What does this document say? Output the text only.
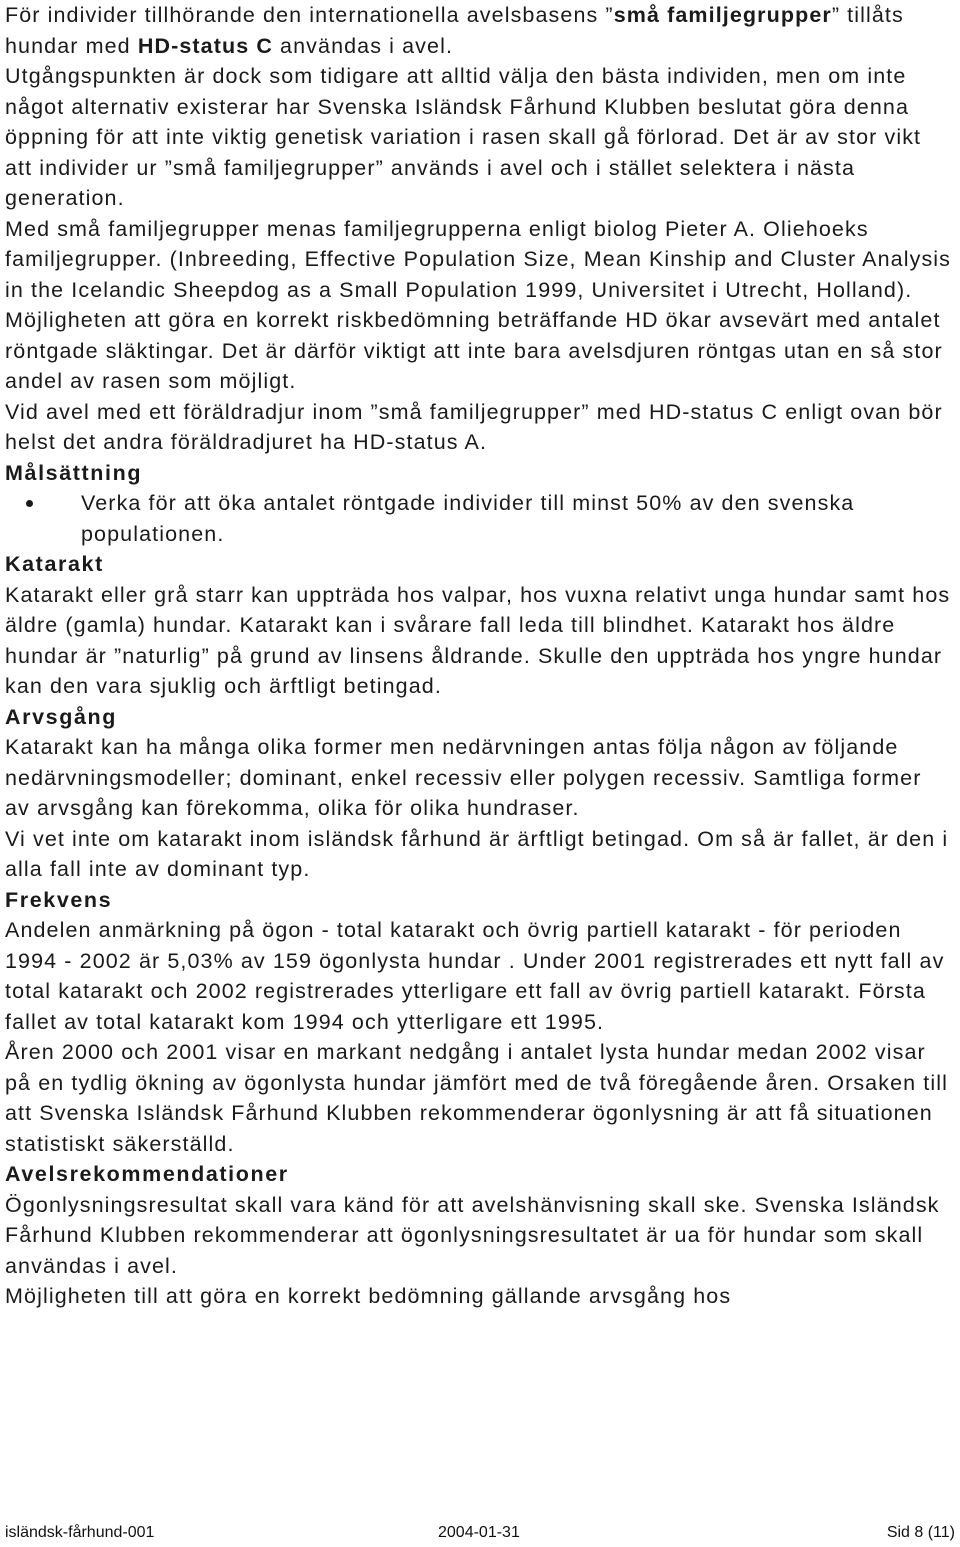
För individer tillhörande den internationella avelsbasens ”små familjegrupper” tillåts hundar med HD-status C användas i avel.

Utgångspunkten är dock som tidigare att alltid välja den bästa individen, men om inte något alternativ existerar har Svenska Isländsk Fårhund Klubben beslutat göra denna öppning för att inte viktig genetisk variation i rasen skall gå förlorad. Det är av stor vikt att individer ur ”små familjegrupper” används i avel och i stället selektera i nästa generation.

Med små familjegrupper menas familjegrupperna enligt biolog Pieter A. Oliehoeks familjegrupper. (Inbreeding, Effective Population Size, Mean Kinship and Cluster Analysis in the Icelandic Sheepdog as a Small Population 1999, Universitet i Utrecht, Holland).

Möjligheten att göra en korrekt riskbedömning beträffande HD ökar avsevärt med antalet röntgade släktingar. Det är därför viktigt att inte bara avelsdjuren röntgas utan en så stor andel av rasen som möjligt.

Vid avel med ett föräldradjur inom ”små familjegrupper” med HD-status C enligt ovan bör helst det andra föräldradjuret ha HD-status A.

Målsättning
Verka för att öka antalet röntgade individer till minst 50% av den svenska populationen.
Katarakt

Katarakt eller grå starr kan uppträda hos valpar, hos vuxna relativt unga hundar samt hos äldre (gamla) hundar. Katarakt kan i svårare fall leda till blindhet. Katarakt hos äldre hundar är ”naturlig” på grund av linsens åldrande. Skulle den uppträda hos yngre hundar kan den vara sjuklig och ärftligt betingad.

Arvsgång

Katarakt kan ha många olika former men nedärvningen antas följa någon av följande nedärvningsmodeller; dominant, enkel recessiv eller polygen recessiv. Samtliga former av arvsgång kan förekomma, olika för olika hundraser.

Vi vet inte om katarakt inom isländsk fårhund är ärftligt betingad. Om så är fallet, är den i alla fall inte av dominant typ.

Frekvens

Andelen anmärkning på ögon - total katarakt och övrig partiell katarakt - för perioden 1994 - 2002 är 5,03% av 159 ögonlysta hundar . Under 2001 registrerades ett nytt fall av total katarakt och 2002 registrerades ytterligare ett fall av övrig partiell katarakt. Första fallet av total katarakt kom 1994 och ytterligare ett 1995.

Åren 2000 och 2001 visar en markant nedgång i antalet lysta hundar medan 2002 visar på en tydlig ökning av ögonlysta hundar jämfört med de två föregående åren. Orsaken till att Svenska Isländsk Fårhund Klubben rekommenderar ögonlysning är att få situationen statistiskt säkerställd.

Avelsrekommendationer

Ögonlysningsresultat skall vara känd för att avelshänvisning skall ske. Svenska Isländsk Fårhund Klubben rekommenderar att ögonlysningsresultatet är ua för hundar som skall användas i avel.

Möjligheten till att göra en korrekt bedömning gällande arvsgång hos

isländsk-fårhund-001	2004-01-31	Sid 8 (11)
